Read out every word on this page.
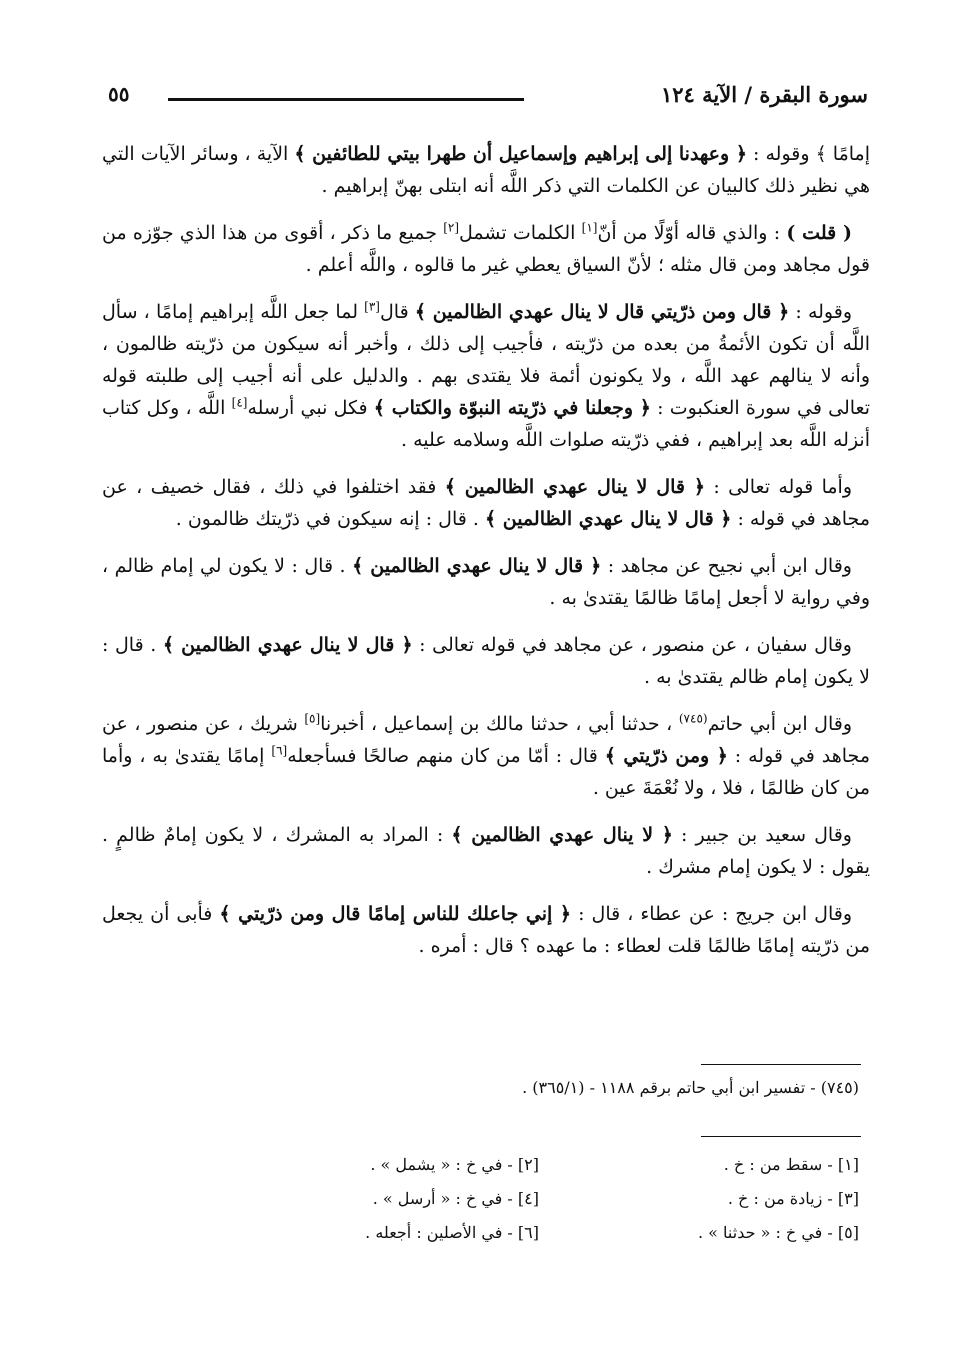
سورة البقرة / الآية ١٢٤
٥٥

إمامًا ﴾ وقوله : ﴿ وعهدنا إلى إبراهيم وإسماعيل أن طهرا بيتي للطائفين ﴾ الآية ، وسائر الآيات التي هي نظير ذلك كالبيان عن الكلمات التي ذكر اللَّه أنه ابتلى بهنّ إبراهيم .

( قلت ) : والذي قاله أوّلًا من أنّ[١] الكلمات تشمل[٢] جميع ما ذكر ، أقوى من هذا الذي جوّزه من قول مجاهد ومن قال مثله ؛ لأنّ السياق يعطي غير ما قالوه ، واللَّه أعلم .

وقوله : ﴿ قال ومن ذرّيتي قال لا ينال عهدي الظالمين ﴾ قال[٣] لما جعل اللَّه إبراهيم إمامًا ، سأل اللَّه أن تكون الأئمةُ من بعده من ذرّيته ، فأجيب إلى ذلك ، وأخبر أنه سيكون من ذرّيته ظالمون ، وأنه لا ينالهم عهد اللَّه ، ولا يكونون أئمة فلا يقتدى بهم . والدليل على أنه أجيب إلى طلبته قوله تعالى في سورة العنكبوت : ﴿ وجعلنا في ذرّيته النبوّة والكتاب ﴾ فكل نبي أرسله[٤] اللَّه ، وكل كتاب أنزله اللَّه بعد إبراهيم ، ففي ذرّيته صلوات اللَّه وسلامه عليه .

وأما قوله تعالى : ﴿ قال لا ينال عهدي الظالمين ﴾ فقد اختلفوا في ذلك ، فقال خصيف ، عن مجاهد في قوله : ﴿ قال لا ينال عهدي الظالمين ﴾ . قال : إنه سيكون في ذرّيتك ظالمون .

وقال ابن أبي نجيح عن مجاهد : ﴿ قال لا ينال عهدي الظالمين ﴾ . قال : لا يكون لي إمام ظالم ، وفي رواية لا أجعل إمامًا ظالمًا يقتدىٰ به .

وقال سفيان ، عن منصور ، عن مجاهد في قوله تعالى : ﴿ قال لا ينال عهدي الظالمين ﴾ . قال : لا يكون إمام ظالم يقتدىٰ به .

وقال ابن أبي حاتم$^{(٧٤٥)}$ ، حدثنا أبي ، حدثنا مالك بن إسماعيل ، أخبرنا[٥] شريك ، عن منصور ، عن مجاهد في قوله : ﴿ ومن ذرّيتي ﴾ قال : أمّا من كان منهم صالحًا فسأجعله[٦] إمامًا يقتدىٰ به ، وأما من كان ظالمًا ، فلا ، ولا نُعْمَةَ عين .

وقال سعيد بن جبير : ﴿ لا ينال عهدي الظالمين ﴾ : المراد به المشرك ، لا يكون إمامٌ ظالمٍ . يقول : لا يكون إمام مشرك .

وقال ابن جريج : عن عطاء ، قال : ﴿ إني جاعلك للناس إمامًا قال ومن ذرّيتي ﴾ فأبى أن يجعل من ذرّيته إمامًا ظالمًا قلت لعطاء : ما عهده ؟ قال : أمره .

(٧٤٥) - تفسير ابن أبي حاتم برقم ١١٨٨ - (٣٦٥/١) .
[١] - سقط من : خ .
[٢] - في خ : « يشمل » .
[٣] - زيادة من : خ .
[٤] - في خ : « أرسل » .
[٥] - في خ : « حدثنا » .
[٦] - في الأصلين : أجعله .
